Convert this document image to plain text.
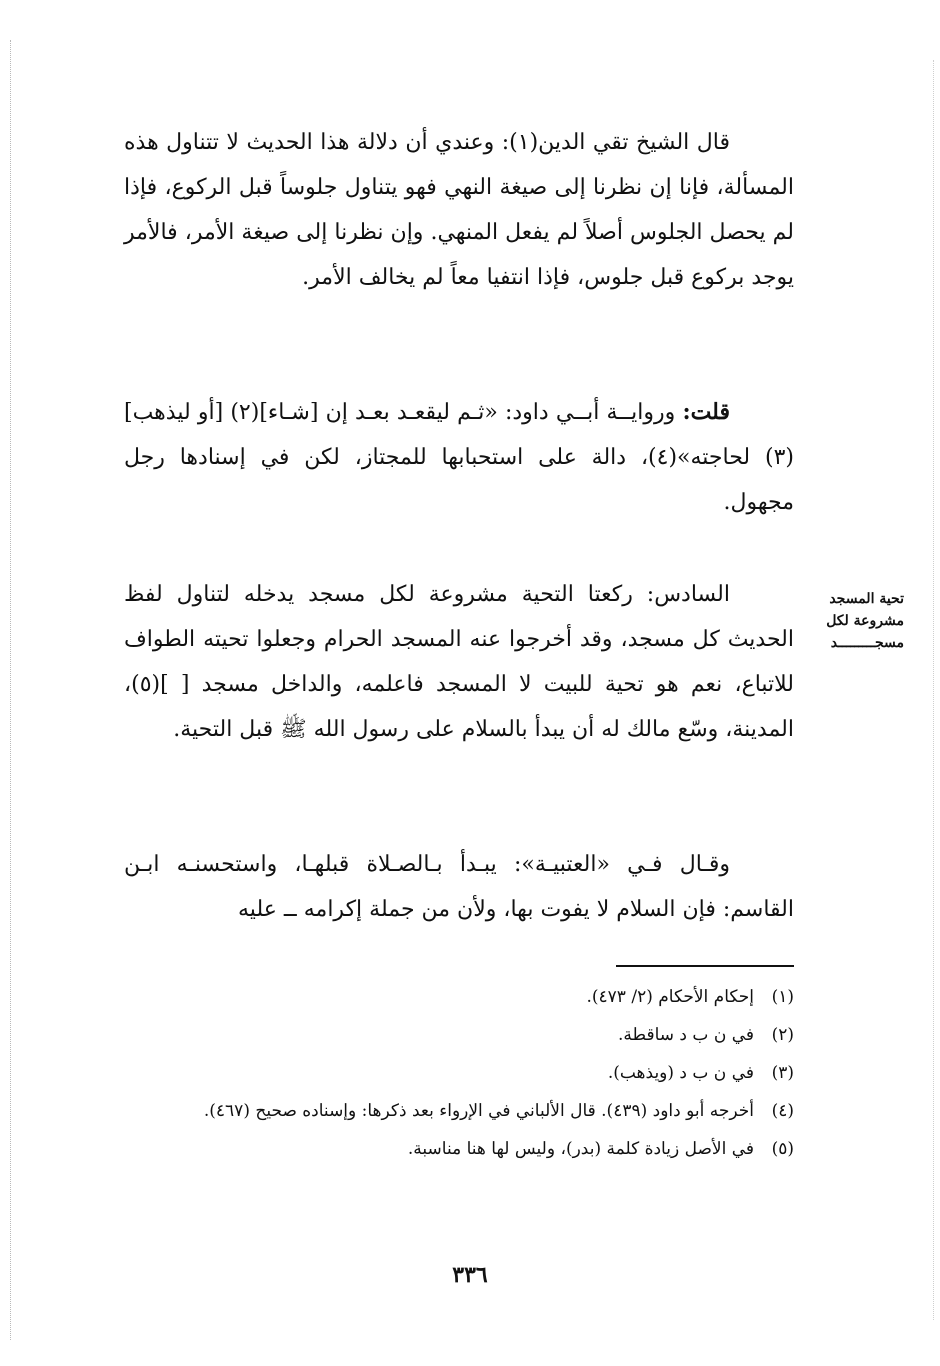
قال الشيخ تقي الدين(١): وعندي أن دلالة هذا الحديث لا تتناول هذه المسألة، فإنا إن نظرنا إلى صيغة النهي فهو يتناول جلوساً قبل الركوع، فإذا لم يحصل الجلوس أصلاً لم يفعل المنهي. وإن نظرنا إلى صيغة الأمر، فالأمر يوجد بركوع قبل جلوس، فإذا انتفيا معاً لم يخالف الأمر.

قلت: وروايــة أبــي داود: «ثـم ليقعـد بعـد إن [شـاء](٢) [أو ليذهب](٣) لحاجته»(٤)، دالة على استحبابها للمجتاز، لكن في إسنادها رجل مجهول.

تحية المسجد مشروعة لكل مسجـــــــــد

السادس: ركعتا التحية مشروعة لكل مسجد يدخله لتناول لفظ الحديث كل مسجد، وقد أخرجوا عنه المسجد الحرام وجعلوا تحيته الطواف للاتباع، نعم هو تحية للبيت لا المسجد فاعلمه، والداخل مسجد [ ](٥)، المدينة، وسّع مالك له أن يبدأ بالسلام على رسول الله ﷺ قبل التحية.

وقـال فـي «العتبيـة»: يبـدأ بـالصـلاة قبلهـا، واستحسنـه ابـن القاسم: فإن السلام لا يفوت بها، ولأن من جملة إكرامه ــ عليه

(١)
إحكام الأحكام (٢/ ٤٧٣).
(٢)
في ن ب د ساقطة.
(٣)
في ن ب د (ويذهب).
(٤)
أخرجه أبو داود (٤٣٩). قال الألباني في الإرواء بعد ذكرها: وإسناده صحيح (٤٦٧).
(٥)
في الأصل زيادة كلمة (بدر)، وليس لها هنا مناسبة.
٣٣٦
